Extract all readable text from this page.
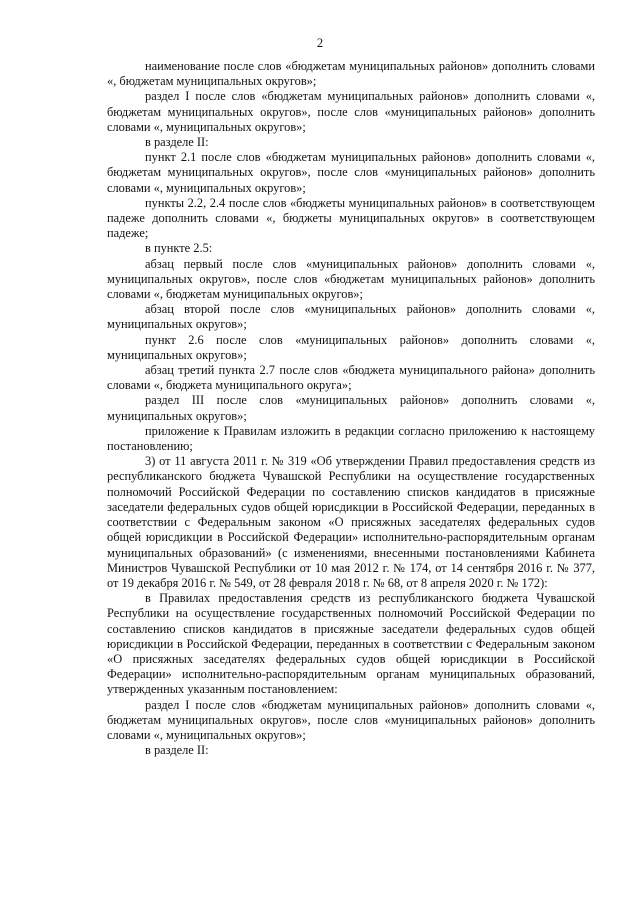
2

наименование после слов «бюджетам муниципальных районов» дополнить словами «, бюджетам муниципальных округов»;

раздел I после слов «бюджетам муниципальных районов» дополнить словами «, бюджетам муниципальных округов», после слов «муниципальных районов» дополнить словами «, муниципальных округов»;

в разделе II:

пункт 2.1 после слов «бюджетам муниципальных районов» дополнить словами «, бюджетам муниципальных округов», после слов «муниципальных районов» дополнить словами «, муниципальных округов»;

пункты 2.2, 2.4 после слов «бюджеты муниципальных районов» в соответствующем падеже дополнить словами «, бюджеты муниципальных округов» в соответствующем падеже;

в пункте 2.5:

абзац первый после слов «муниципальных районов» дополнить словами «, муниципальных округов», после слов «бюджетам муниципальных районов» дополнить словами «, бюджетам муниципальных округов»;

абзац второй после слов «муниципальных районов» дополнить словами «, муниципальных округов»;

пункт 2.6 после слов «муниципальных районов» дополнить словами «, муниципальных округов»;

абзац третий пункта 2.7 после слов «бюджета муниципального района» дополнить словами «, бюджета муниципального округа»;

раздел III после слов «муниципальных районов» дополнить словами «, муниципальных округов»;

приложение к Правилам изложить в редакции согласно приложению к настоящему постановлению;

3) от 11 августа 2011 г. № 319 «Об утверждении Правил предоставления средств из республиканского бюджета Чувашской Республики на осуществление государственных полномочий Российской Федерации по составлению списков кандидатов в присяжные заседатели федеральных судов общей юрисдикции в Российской Федерации, переданных в соответствии с Федеральным законом «О присяжных заседателях федеральных судов общей юрисдикции в Российской Федерации» исполнительно-распорядительным органам муниципальных образований» (с изменениями, внесенными постановлениями Кабинета Министров Чувашской Республики от 10 мая 2012 г. № 174, от 14 сентября 2016 г. № 377, от 19 декабря 2016 г. № 549, от 28 февраля 2018 г. № 68, от 8 апреля 2020 г. № 172):

в Правилах предоставления средств из республиканского бюджета Чувашской Республики на осуществление государственных полномочий Российской Федерации по составлению списков кандидатов в присяжные заседатели федеральных судов общей юрисдикции в Российской Федерации, переданных в соответствии с Федеральным законом «О присяжных заседателях федеральных судов общей юрисдикции в Российской Федерации» исполнительно-распорядительным органам муниципальных образований, утвержденных указанным постановлением:

раздел I после слов «бюджетам муниципальных районов» дополнить словами «, бюджетам муниципальных округов», после слов «муниципальных районов» дополнить словами «, муниципальных округов»;

в разделе II:
